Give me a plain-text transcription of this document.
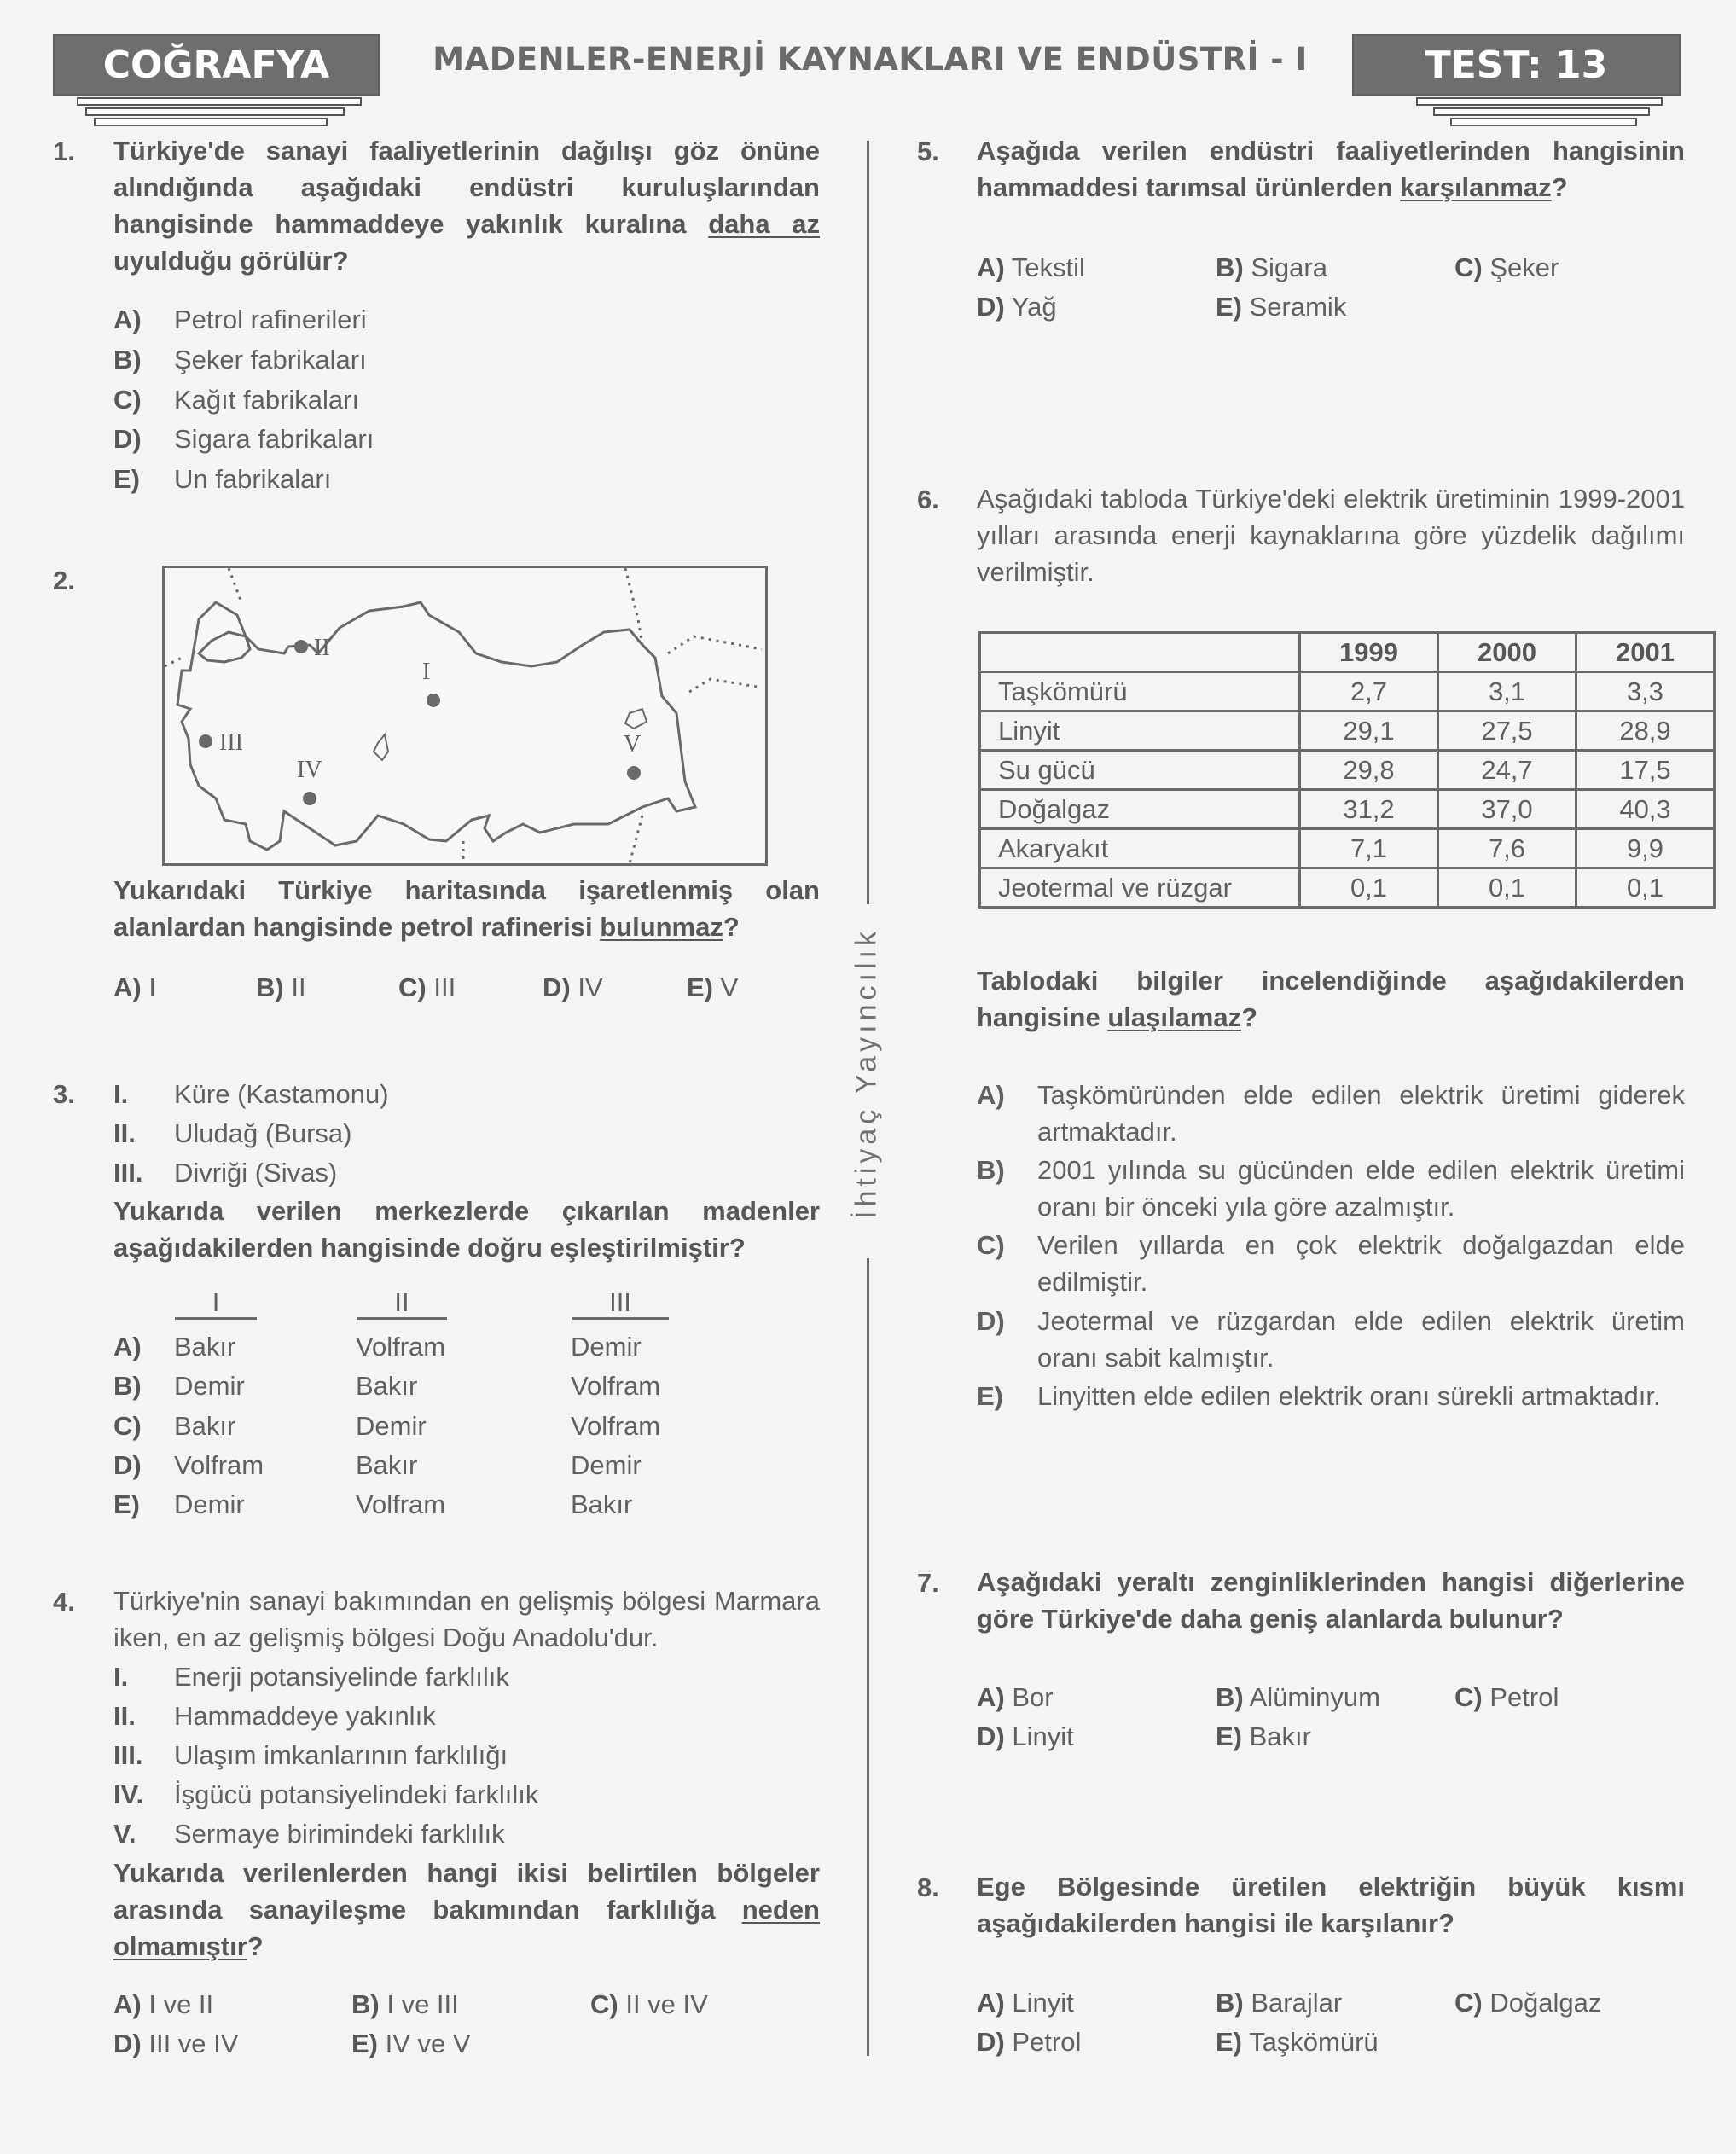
COĞRAFYA	MADENLER-ENERJİ KAYNAKLARI VE ENDÜSTRİ - I	TEST: 13
İhtiyaç Yayıncılık
1. Türkiye'de sanayi faaliyetlerinin dağılışı göz önüne alındığında aşağıdaki endüstri kuruluşlarından hangisinde hammaddeye yakınlık kuralına daha az uyulduğu görülür?
A) Petrol rafinerileri
B) Şeker fabrikaları
C) Kağıt fabrikaları
D) Sigara fabrikaları
E) Un fabrikaları
2.
I
II
III
IV
V
Yukarıdaki Türkiye haritasında işaretlenmiş olan alanlardan hangisinde petrol rafinerisi bulunmaz?
A) I	B) II	C) III	D) IV	E) V
3. I. Küre (Kastamonu)
II. Uludağ (Bursa)
III. Divriği (Sivas)
Yukarıda verilen merkezlerde çıkarılan madenler aşağıdakilerden hangisinde doğru eşleştirilmiştir?
I	II	III
A) Bakır	Volfram	Demir
B) Demir	Bakır	Volfram
C) Bakır	Demir	Volfram
D) Volfram	Bakır	Demir
E) Demir	Volfram	Bakır
4. Türkiye'nin sanayi bakımından en gelişmiş bölgesi Marmara iken, en az gelişmiş bölgesi Doğu Anadolu'dur.
I. Enerji potansiyelinde farklılık
II. Hammaddeye yakınlık
III. Ulaşım imkanlarının farklılığı
IV. İşgücü potansiyelindeki farklılık
V. Sermaye birimindeki farklılık
Yukarıda verilenlerden hangi ikisi belirtilen bölgeler arasında sanayileşme bakımından farklılığa neden olmamıştır?
A) I ve II	B) I ve III	C) II ve IV
D) III ve IV	E) IV ve V
5. Aşağıda verilen endüstri faaliyetlerinden hangisinin hammaddesi tarımsal ürünlerden karşılanmaz?
A) Tekstil	B) Sigara	C) Şeker
D) Yağ	E) Seramik
6. Aşağıdaki tabloda Türkiye'deki elektrik üretiminin 1999-2001 yılları arasında enerji kaynaklarına göre yüzdelik dağılımı verilmiştir.
	1999	2000	2001
Taşkömürü	2,7	3,1	3,3
Linyit	29,1	27,5	28,9
Su gücü	29,8	24,7	17,5
Doğalgaz	31,2	37,0	40,3
Akaryakıt	7,1	7,6	9,9
Jeotermal ve rüzgar	0,1	0,1	0,1
Tablodaki bilgiler incelendiğinde aşağıdakilerden hangisine ulaşılamaz?
A)	Taşkömüründen elde edilen elektrik üretimi giderek artmaktadır.
B)	2001 yılında su gücünden elde edilen elektrik üretimi oranı bir önceki yıla göre azalmıştır.
C)	Verilen yıllarda en çok elektrik doğalgazdan elde edilmiştir.
D)	Jeotermal ve rüzgardan elde edilen elektrik üretim oranı sabit kalmıştır.
E)	Linyitten elde edilen elektrik oranı sürekli artmaktadır.
7. Aşağıdaki yeraltı zenginliklerinden hangisi diğerlerine göre Türkiye'de daha geniş alanlarda bulunur?
A) Bor	B) Alüminyum	C) Petrol
D) Linyit	E) Bakır
8. Ege Bölgesinde üretilen elektriğin büyük kısmı aşağıdakilerden hangisi ile karşılanır?
A) Linyit	B) Barajlar	C) Doğalgaz
D) Petrol	E) Taşkömürü
